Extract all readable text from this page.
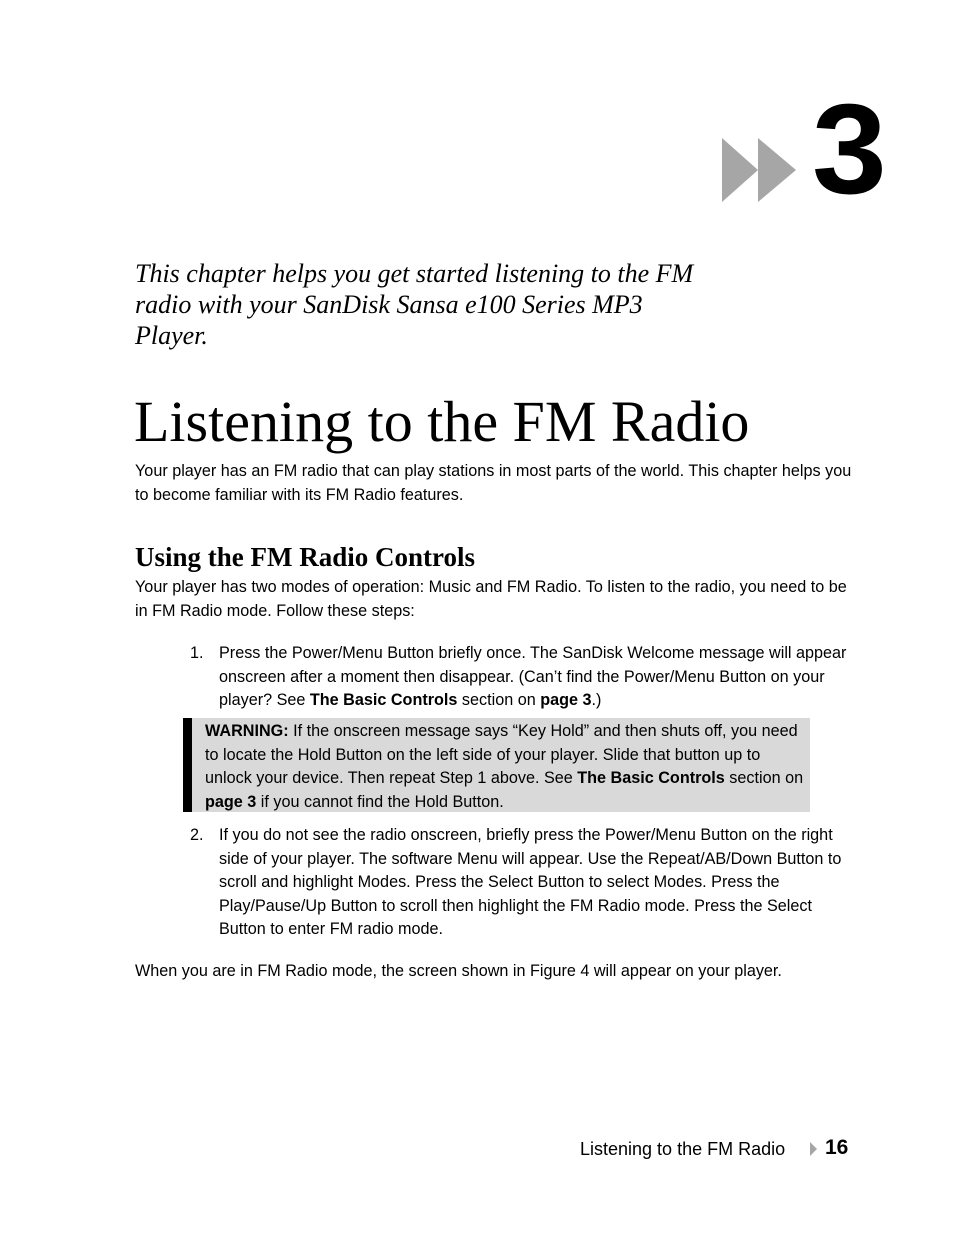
3
This chapter helps you get started listening to the FM radio with your SanDisk Sansa e100 Series MP3 Player.
Listening to the FM Radio
Your player has an FM radio that can play stations in most parts of the world. This chapter helps you to become familiar with its FM Radio features.
Using the FM Radio Controls
Your player has two modes of operation: Music and FM Radio. To listen to the radio, you need to be in FM Radio mode. Follow these steps:
1. Press the Power/Menu Button briefly once. The SanDisk Welcome message will appear onscreen after a moment then disappear. (Can’t find the Power/Menu Button on your player? See The Basic Controls section on page 3.)
WARNING: If the onscreen message says “Key Hold” and then shuts off, you need to locate the Hold Button on the left side of your player. Slide that button up to unlock your device. Then repeat Step 1 above. See The Basic Controls section on page 3 if you cannot find the Hold Button.
2. If you do not see the radio onscreen, briefly press the Power/Menu Button on the right side of your player. The software Menu will appear. Use the Repeat/AB/Down Button to scroll and highlight Modes. Press the Select Button to select Modes. Press the Play/Pause/Up Button to scroll then highlight the FM Radio mode. Press the Select Button to enter FM radio mode.
When you are in FM Radio mode, the screen shown in Figure 4 will appear on your player.
Listening to the FM Radio 16
